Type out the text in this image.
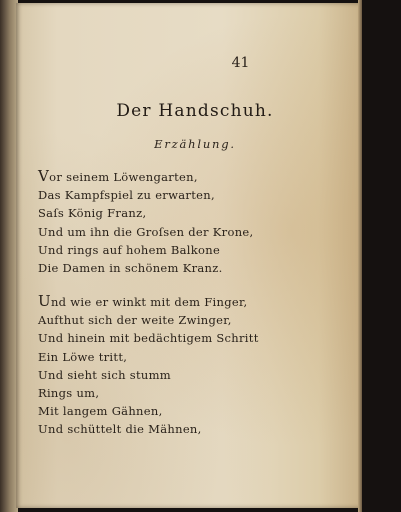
41
Der Handschuh.
Erzählung.
Vor seinem Löwengarten,
Das Kampfspiel zu erwarten,
Saſs König Franz,
Und um ihn die Groſsen der Krone,
Und rings auf hohem Balkone
Die Damen in schönem Kranz.
Und wie er winkt mit dem Finger,
Aufthut sich der weite Zwinger,
Und hinein mit bedächtigem Schritt
Ein Löwe tritt,
Und sieht sich stumm
Rings um,
Mit langem Gähnen,
Und schüttelt die Mähnen,
